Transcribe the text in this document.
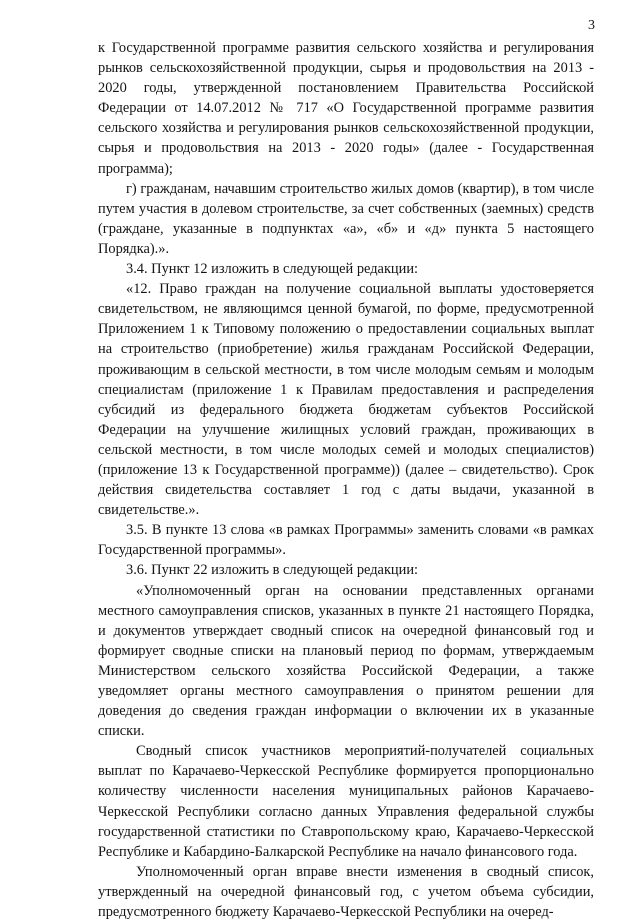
3

к Государственной программе развития сельского хозяйства и регулирования рынков сельскохозяйственной продукции, сырья и продовольствия на 2013 - 2020 годы, утвержденной постановлением Правительства Российской Федерации от 14.07.2012 № 717 «О Государственной программе развития сельского хозяйства и регулирования рынков сельскохозяйственной продукции, сырья и продовольствия на 2013 - 2020 годы» (далее - Государственная программа);

г) гражданам, начавшим строительство жилых домов (квартир), в том числе путем участия в долевом строительстве, за счет собственных (заемных) средств (граждане, указанные в подпунктах «а», «б» и «д» пункта 5 настоящего Порядка).».

3.4. Пункт 12 изложить в следующей редакции:

«12. Право граждан на получение социальной выплаты удостоверяется свидетельством, не являющимся ценной бумагой, по форме, предусмотренной Приложением 1 к Типовому положению о предоставлении социальных выплат на строительство (приобретение) жилья гражданам Российской Федерации, проживающим в сельской местности, в том числе молодым семьям и молодым специалистам (приложение 1 к Правилам предоставления и распределения субсидий из федерального бюджета бюджетам субъектов Российской Федерации на улучшение жилищных условий граждан, проживающих в сельской местности, в том числе молодых семей и молодых специалистов) (приложение 13 к Государственной программе)) (далее – свидетельство). Срок действия свидетельства составляет 1 год с даты выдачи, указанной в свидетельстве.».

3.5. В пункте 13 слова «в рамках Программы» заменить словами «в рамках Государственной программы».

3.6. Пункт 22 изложить в следующей редакции:

«Уполномоченный орган на основании представленных органами местного самоуправления списков, указанных в пункте 21 настоящего Порядка, и документов утверждает сводный список на очередной финансовый год и формирует сводные списки на плановый период по формам, утверждаемым Министерством сельского хозяйства Российской Федерации, а также уведомляет органы местного самоуправления о принятом решении для доведения до сведения граждан информации о включении их в указанные списки.

Сводный список участников мероприятий-получателей социальных выплат по Карачаево-Черкесской Республике формируется пропорционально количеству численности населения муниципальных районов Карачаево-Черкесской Республики согласно данных Управления федеральной службы государственной статистики по Ставропольскому краю, Карачаево-Черкесской Республике и Кабардино-Балкарской Республике на начало финансового года.

Уполномоченный орган вправе внести изменения в сводный список, утвержденный на очередной финансовый год, с учетом объема субсидии, предусмотренного бюджету Карачаево-Черкесской Республики на очеред-
